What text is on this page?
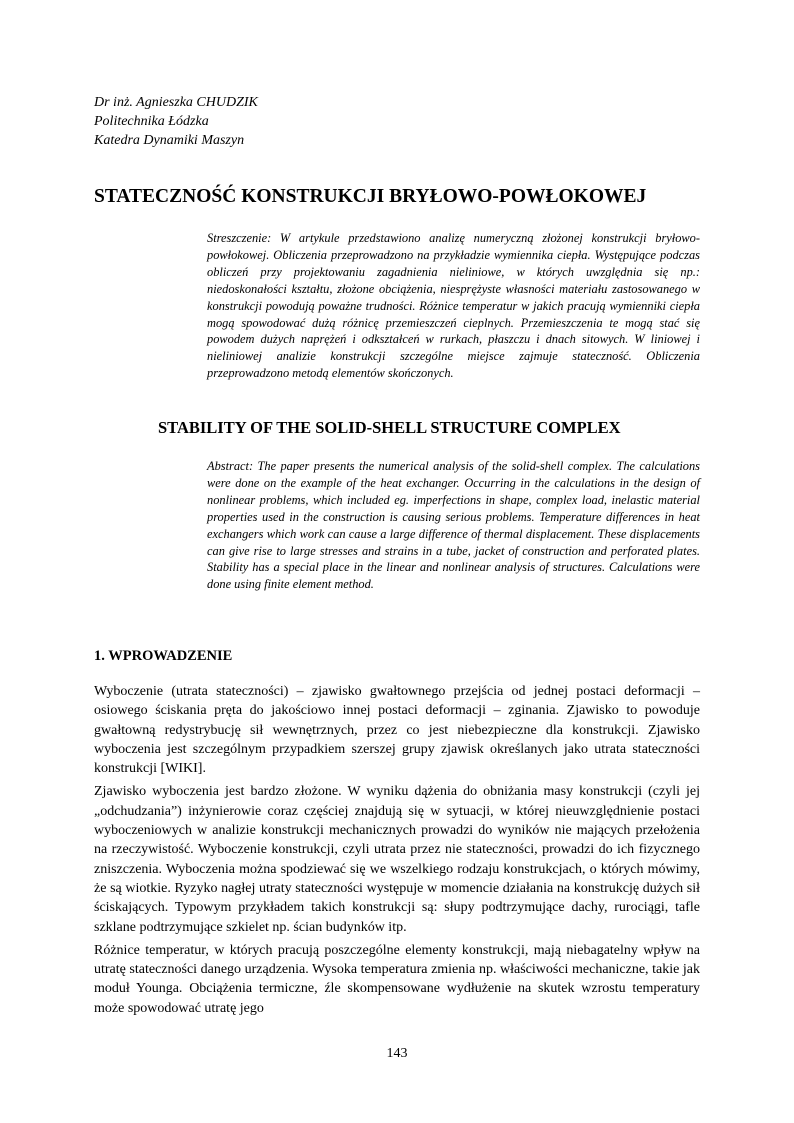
Dr inż. Agnieszka CHUDZIK
Politechnika Łódzka
Katedra Dynamiki Maszyn
STATECZNOŚĆ KONSTRUKCJI BRYŁOWO-POWŁOKOWEJ
Streszczenie: W artykule przedstawiono analizę numeryczną złożonej konstrukcji bryłowo-powłokowej. Obliczenia przeprowadzono na przykładzie wymiennika ciepła. Występujące podczas obliczeń przy projektowaniu zagadnienia nieliniowe, w których uwzględnia się np.: niedoskonałości kształtu, złożone obciążenia, niesprężyste własności materiału zastosowanego w konstrukcji powodują poważne trudności. Różnice temperatur w jakich pracują wymienniki ciepła mogą spowodować dużą różnicę przemieszczeń cieplnych. Przemieszczenia te mogą stać się powodem dużych naprężeń i odkształceń w rurkach, płaszczu i dnach sitowych. W liniowej i nieliniowej analizie konstrukcji szczególne miejsce zajmuje stateczność. Obliczenia przeprowadzono metodą elementów skończonych.
STABILITY OF THE SOLID-SHELL STRUCTURE COMPLEX
Abstract: The paper presents the numerical analysis of the solid-shell complex. The calculations were done on the example of the heat exchanger. Occurring in the calculations in the design of nonlinear problems, which included eg. imperfections in shape, complex load, inelastic material properties used in the construction is causing serious problems. Temperature differences in heat exchangers which work can cause a large difference of thermal displacement. These displacements can give rise to large stresses and strains in a tube, jacket of construction and perforated plates. Stability has a special place in the linear and nonlinear analysis of structures. Calculations were done using finite element method.
1. WPROWADZENIE

Wyboczenie (utrata stateczności) – zjawisko gwałtownego przejścia od jednej postaci deformacji – osiowego ściskania pręta do jakościowo innej postaci deformacji – zginania. Zjawisko to powoduje gwałtowną redystrybucję sił wewnętrznych, przez co jest niebezpieczne dla konstrukcji. Zjawisko wyboczenia jest szczególnym przypadkiem szerszej grupy zjawisk określanych jako utrata stateczności konstrukcji [WIKI].

Zjawisko wyboczenia jest bardzo złożone. W wyniku dążenia do obniżania masy konstrukcji (czyli jej „odchudzania”) inżynierowie coraz częściej znajdują się w sytuacji, w której nieuwzględnienie postaci wyboczeniowych w analizie konstrukcji mechanicznych prowadzi do wyników nie mających przełożenia na rzeczywistość. Wyboczenie konstrukcji, czyli utrata przez nie stateczności, prowadzi do ich fizycznego zniszczenia. Wyboczenia można spodziewać się we wszelkiego rodzaju konstrukcjach, o których mówimy, że są wiotkie. Ryzyko nagłej utraty stateczności występuje w momencie działania na konstrukcję dużych sił ściskających. Typowym przykładem takich konstrukcji są: słupy podtrzymujące dachy, rurociągi, tafle szklane podtrzymujące szkielet np. ścian budynków itp.

Różnice temperatur, w których pracują poszczególne elementy konstrukcji, mają niebagatelny wpływ na utratę stateczności danego urządzenia. Wysoka temperatura zmienia np. właściwości mechaniczne, takie jak moduł Younga. Obciążenia termiczne, źle skompensowane wydłużenie na skutek wzrostu temperatury może spowodować utratę jego

143
